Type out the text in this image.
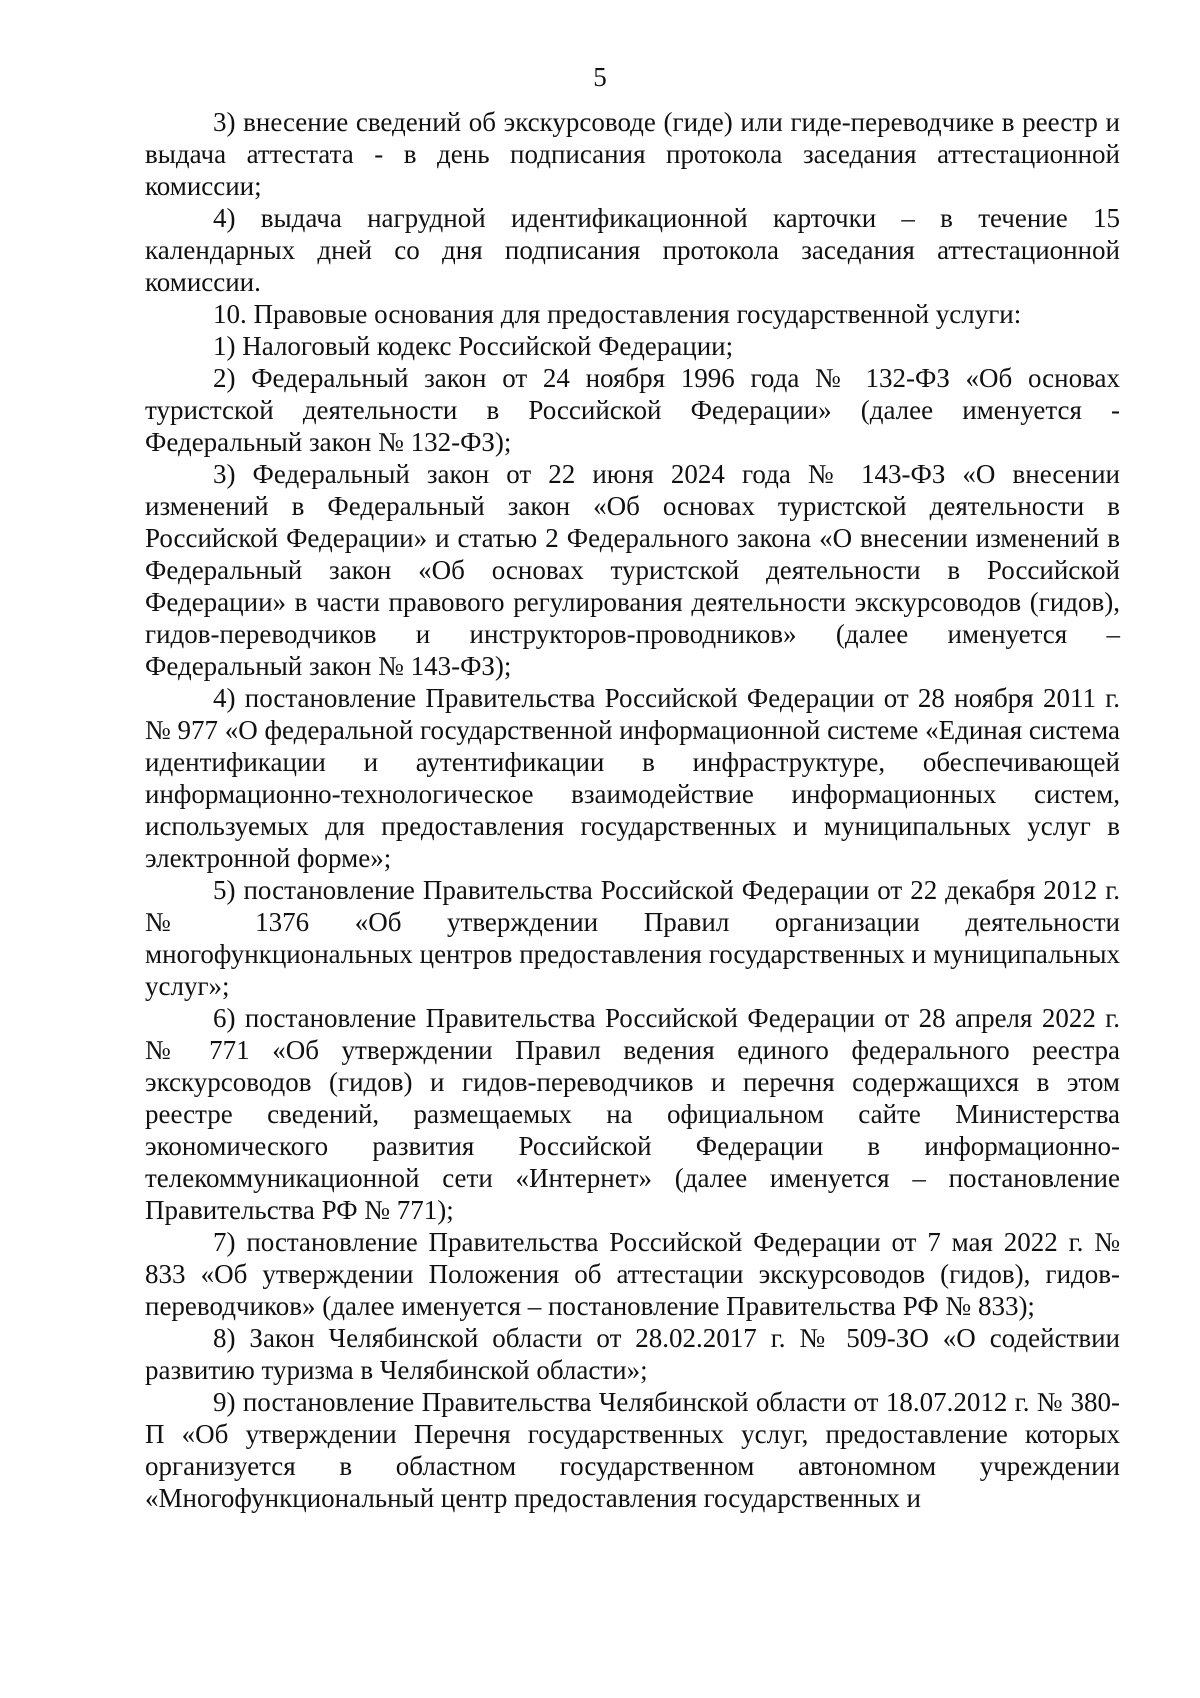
5

3) внесение сведений об экскурсоводе (гиде) или гиде-переводчике в реестр и выдача аттестата - в день подписания протокола заседания аттестационной комиссии;

4) выдача нагрудной идентификационной карточки – в течение 15 календарных дней со дня подписания протокола заседания аттестационной комиссии.

10. Правовые основания для предоставления государственной услуги:

1) Налоговый кодекс Российской Федерации;

2) Федеральный закон от 24 ноября 1996 года № 132-ФЗ «Об основах туристской деятельности в Российской Федерации» (далее именуется - Федеральный закон № 132-ФЗ);

3) Федеральный закон от 22 июня 2024 года № 143-ФЗ «О внесении изменений в Федеральный закон «Об основах туристской деятельности в Российской Федерации» и статью 2 Федерального закона «О внесении изменений в Федеральный закон «Об основах туристской деятельности в Российской Федерации» в части правового регулирования деятельности экскурсоводов (гидов), гидов-переводчиков и инструкторов-проводников» (далее именуется – Федеральный закон № 143-ФЗ);

4) постановление Правительства Российской Федерации от 28 ноября 2011 г. № 977 «О федеральной государственной информационной системе «Единая система идентификации и аутентификации в инфраструктуре, обеспечивающей информационно-технологическое взаимодействие информационных систем, используемых для предоставления государственных и муниципальных услуг в электронной форме»;

5) постановление Правительства Российской Федерации от 22 декабря 2012 г. № 1376 «Об утверждении Правил организации деятельности многофункциональных центров предоставления государственных и муниципальных услуг»;

6) постановление Правительства Российской Федерации от 28 апреля 2022 г. № 771 «Об утверждении Правил ведения единого федерального реестра экскурсоводов (гидов) и гидов-переводчиков и перечня содержащихся в этом реестре сведений, размещаемых на официальном сайте Министерства экономического развития Российской Федерации в информационно-телекоммуникационной сети «Интернет» (далее именуется – постановление Правительства РФ № 771);

7) постановление Правительства Российской Федерации от 7 мая 2022 г. № 833 «Об утверждении Положения об аттестации экскурсоводов (гидов), гидов-переводчиков» (далее именуется – постановление Правительства РФ № 833);

8) Закон Челябинской области от 28.02.2017 г. № 509-ЗО «О содействии развитию туризма в Челябинской области»;

9) постановление Правительства Челябинской области от 18.07.2012 г. № 380-П «Об утверждении Перечня государственных услуг, предоставление которых организуется в областном государственном автономном учреждении «Многофункциональный центр предоставления государственных и
